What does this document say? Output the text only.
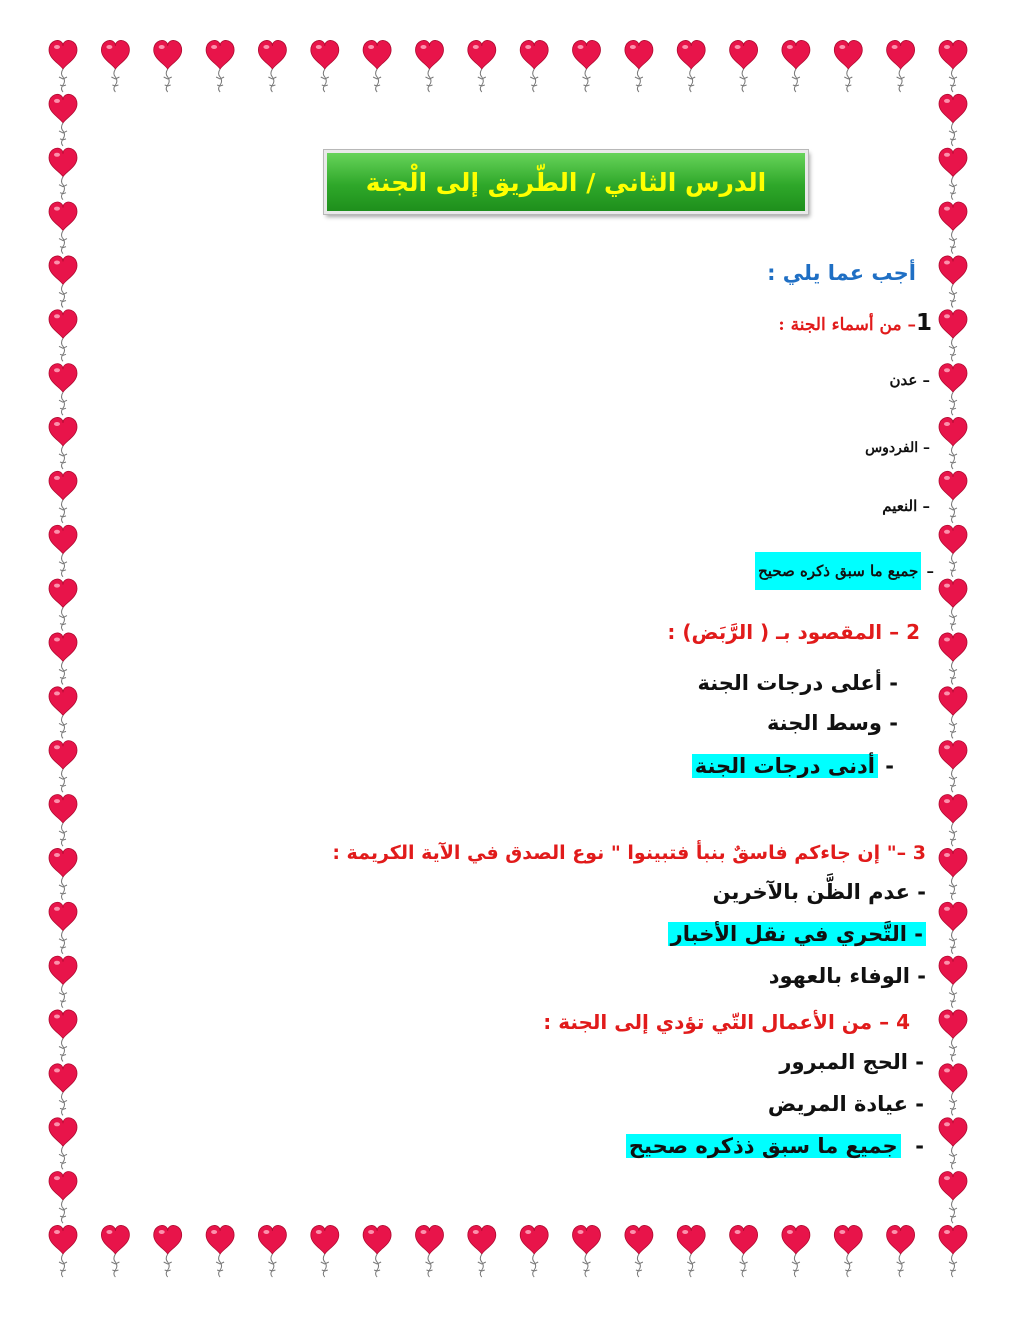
الدرس الثاني / الطّريق إلى الْجنة
أجب عما يلي :
1– من أسماء الجنة :
– عدن
– الفردوس
– النعيم
– جميع ما سبق ذكره صحيح
2 – المقصود بـ ( الرَّبَض) :
- أعلى درجات الجنة
- وسط الجنة
- أدنى درجات الجنة
3 –" إن جاءكم فاسقٌ بنبأ فتبينوا " نوع الصدق في الآية الكريمة :
- عدم الظَّن بالآخرين
- التَّحري في نقل الأخبار
- الوفاء بالعهود
4 – من الأعمال التّي تؤدي إلى الجنة :
- الحج المبرور
- عيادة المريض
-  جميع ما سبق ذذكره صحيح
